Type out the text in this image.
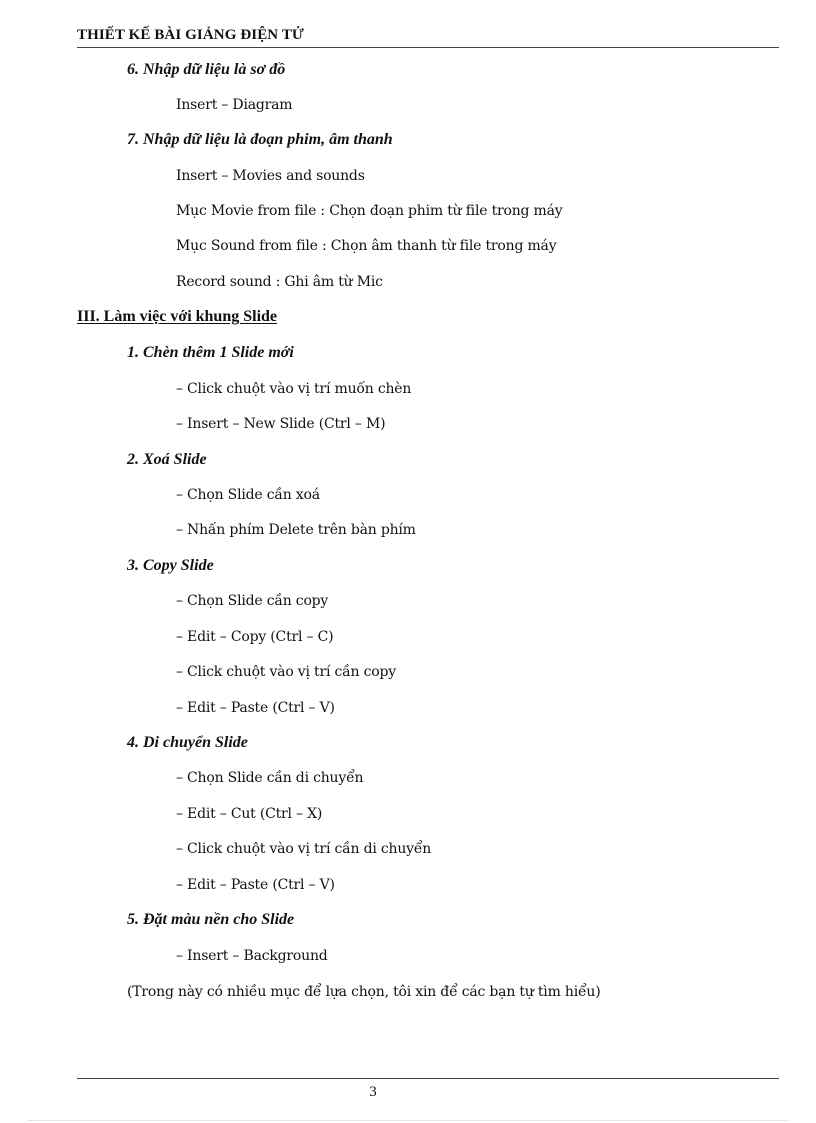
THIẾT KẾ BÀI GIẢNG ĐIỆN TỬ
6. Nhập dữ liệu là sơ đồ
Insert – Diagram
7. Nhập dữ liệu là đoạn phim, âm thanh
Insert – Movies and sounds
Mục Movie from file : Chọn đoạn phim từ file trong máy
Mục Sound from file : Chọn âm thanh từ file trong máy
Record sound : Ghi âm từ Mic
III. Làm việc với khung Slide
1. Chèn thêm 1 Slide mới
– Click chuột vào vị trí muốn chèn
– Insert – New Slide (Ctrl – M)
2. Xoá Slide
– Chọn Slide cần xoá
– Nhấn phím Delete trên bàn phím
3. Copy Slide
– Chọn Slide cần copy
– Edit – Copy (Ctrl – C)
– Click chuột vào vị trí cần copy
– Edit – Paste (Ctrl – V)
4. Di chuyển Slide
– Chọn Slide cần di chuyển
– Edit – Cut (Ctrl – X)
– Click chuột vào vị trí cần di chuyển
– Edit – Paste (Ctrl – V)
5. Đặt màu nền cho Slide
– Insert – Background
(Trong này có nhiều mục để lựa chọn, tôi xin để các bạn tự tìm hiểu)
3
